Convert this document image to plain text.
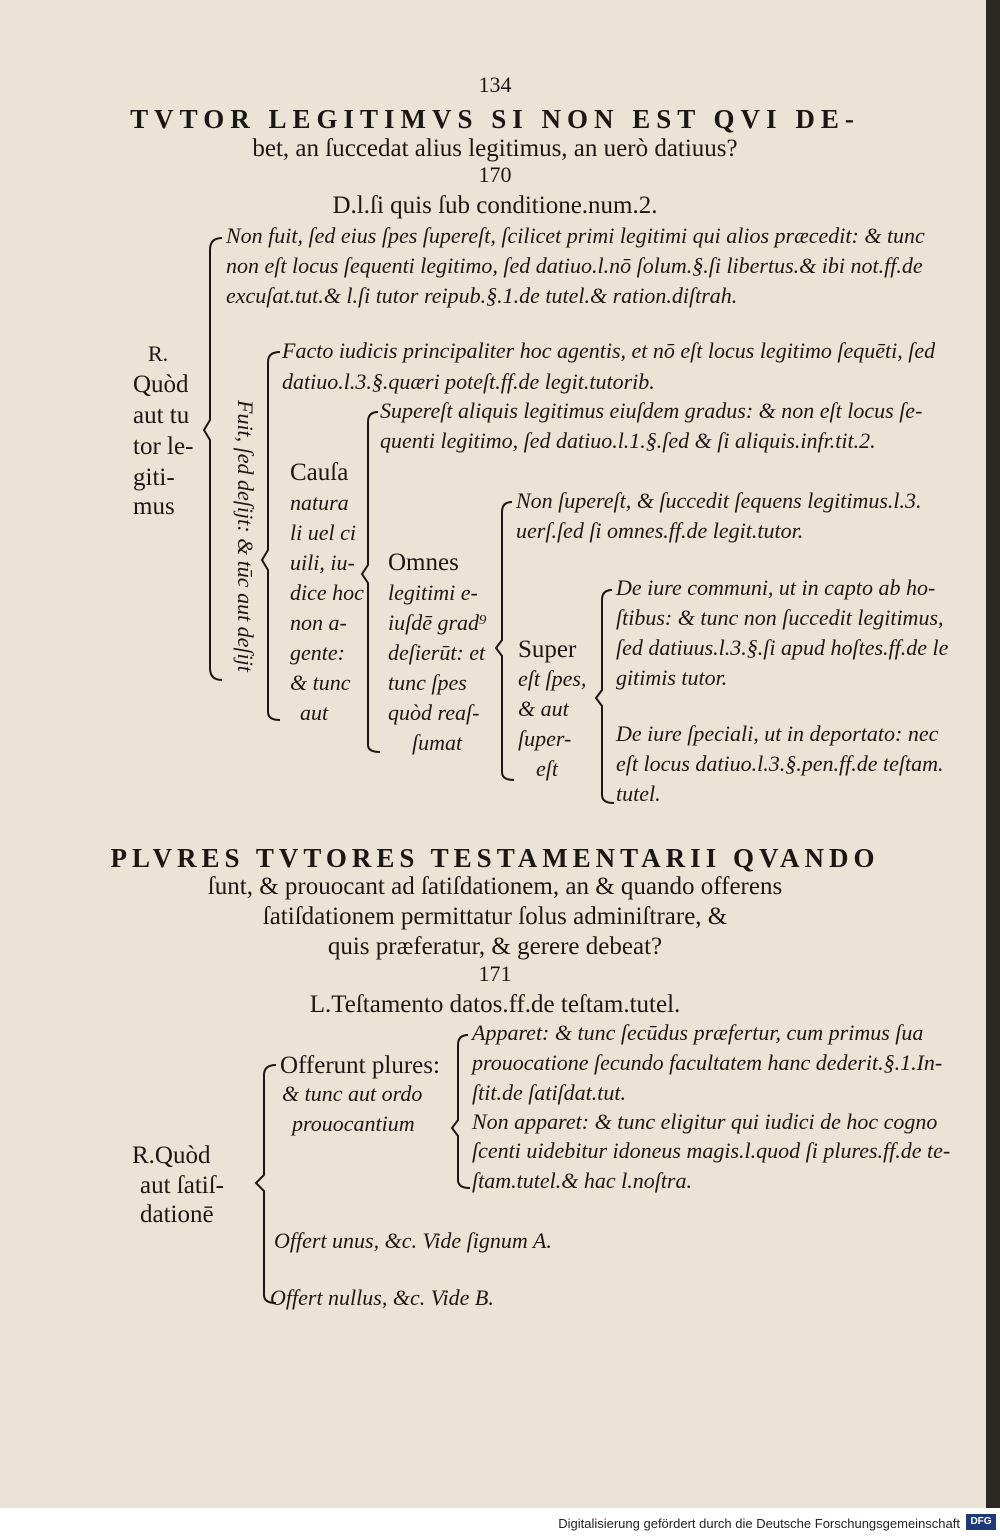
134
TVTOR LEGITIMVS SI NON EST QVI DE-
bet, an ſuccedat alius legitimus, an uerò datiuus?
170
D.l.ſi quis ſub conditione.num.2.
Non fuit, ſed eius ſpes ſupereſt, ſcilicet primi legitimi qui alios præcedit: & tunc
non eſt locus ſequenti legitimo, ſed datiuo.l.nō ſolum.§.ſi libertus.& ibi not.ff.de
excuſat.tut.& l.ſi tutor reipub.§.1.de tutel.& ration.diſtrah.
R.
Quòd
aut tu
tor le-
giti-
mus	Fuit, ſed deſijt: & tūc aut deſijt
Facto iudicis principaliter hoc agentis, et nō eſt locus legitimo ſequēti, ſed
datiuo.l.3.§.quæri poteſt.ff.de legit.tutorib.
Cauſa
natura
li uel ci
uili, iu-
dice hoc
non a-
gente:
& tunc
aut
Supereſt aliquis legitimus eiuſdem gradus: & non eſt locus ſe-
quenti legitimo, ſed datiuo.l.1.§.ſed & ſi aliquis.infr.tit.2.
Omnes
legitimi e-
iuſdē grad⁹
deſierūt: et
tunc ſpes
quòd reaſ-
ſumat
Non ſupereſt, & ſuccedit ſequens legitimus.l.3.
uerſ.ſed ſi omnes.ff.de legit.tutor.
Super
eſt ſpes,
& aut
ſuper-
eſt
De iure communi, ut in capto ab ho-
ſtibus: & tunc non ſuccedit legitimus,
ſed datiuus.l.3.§.ſi apud hoſtes.ff.de le
gitimis tutor.
De iure ſpeciali, ut in deportato: nec
eſt locus datiuo.l.3.§.pen.ff.de teſtam.
tutel.
PLVRES TVTORES TESTAMENTARII QVANDO
ſunt, & prouocant ad ſatiſdationem, an & quando offerens
ſatiſdationem permittatur ſolus adminiſtrare, &
quis præferatur, & gerere debeat?
171
L.Teſtamento datos.ff.de teſtam.tutel.
R.Quòd
aut ſatiſ-
dationē
Offerunt plures:
& tunc aut ordo
prouocantium
Apparet: & tunc ſecūdus præfertur, cum primus ſua
prouocatione ſecundo facultatem hanc dederit.§.1.In-
ſtit.de ſatiſdat.tut.
Non apparet: & tunc eligitur qui iudici de hoc cogno
ſcenti uidebitur idoneus magis.l.quod ſi plures.ff.de te-
ſtam.tutel.& hac l.noſtra.
Offert unus, &c. Vide ſignum A.
Offert nullus, &c. Vide B.
Digitalisierung gefördert durch die Deutsche Forschungsgemeinschaft	DFG
